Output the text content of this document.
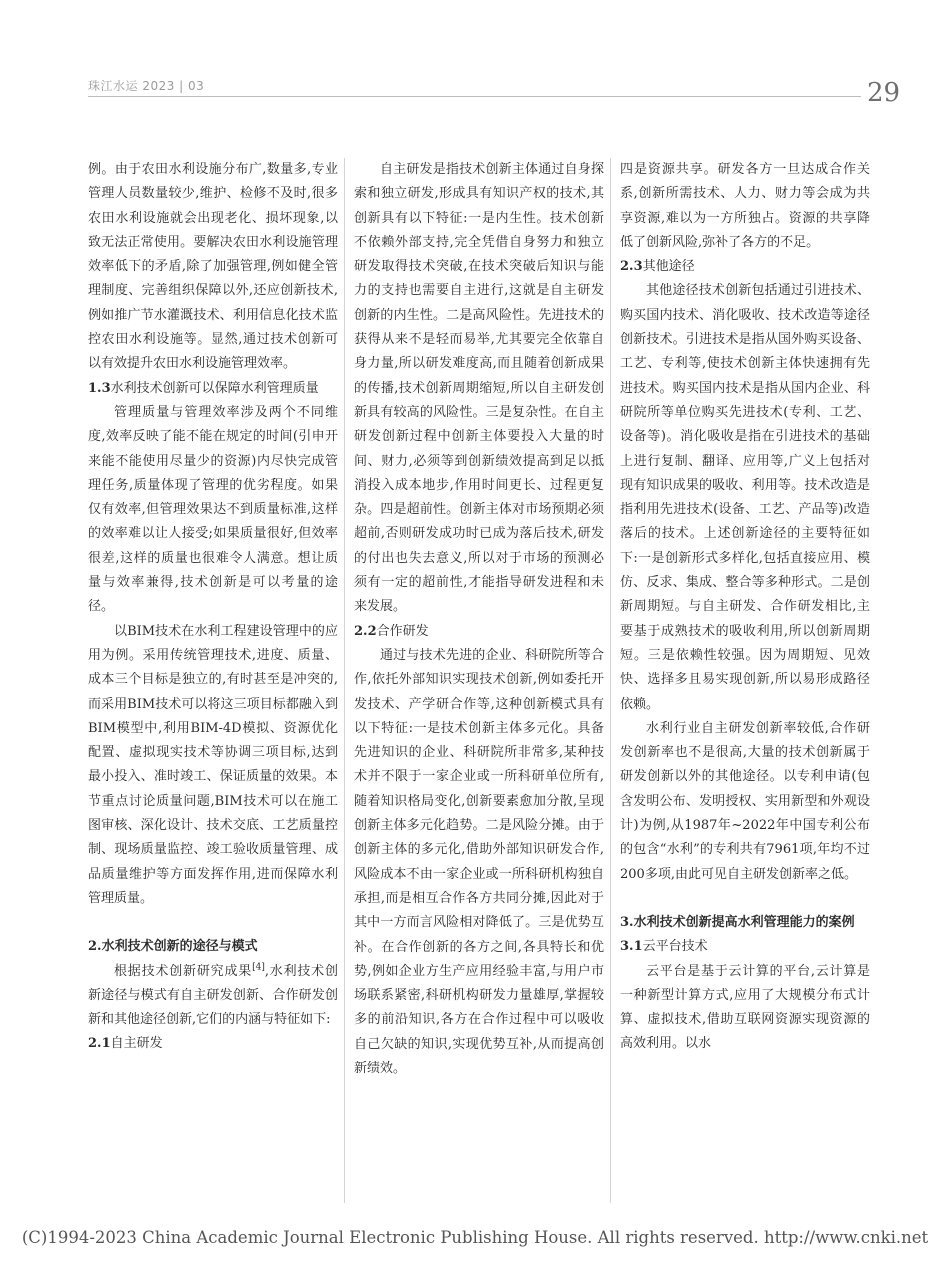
珠江水运 2023 | 03	29

例。由于农田水利设施分布广,数量多,专业管理人员数量较少,维护、检修不及时,很多农田水利设施就会出现老化、损坏现象,以致无法正常使用。要解决农田水利设施管理效率低下的矛盾,除了加强管理,例如健全管理制度、完善组织保障以外,还应创新技术,例如推广节水灌溉技术、利用信息化技术监控农田水利设施等。显然,通过技术创新可以有效提升农田水利设施管理效率。

1.3水利技术创新可以保障水利管理质量

管理质量与管理效率涉及两个不同维度,效率反映了能不能在规定的时间(引申开来能不能使用尽量少的资源)内尽快完成管理任务,质量体现了管理的优劣程度。如果仅有效率,但管理效果达不到质量标准,这样的效率难以让人接受;如果质量很好,但效率很差,这样的质量也很难令人满意。想让质量与效率兼得,技术创新是可以考量的途径。

以BIM技术在水利工程建设管理中的应用为例。采用传统管理技术,进度、质量、成本三个目标是独立的,有时甚至是冲突的,而采用BIM技术可以将这三项目标都融入到BIM模型中,利用BIM-4D模拟、资源优化配置、虚拟现实技术等协调三项目标,达到最小投入、准时竣工、保证质量的效果。本节重点讨论质量问题,BIM技术可以在施工图审核、深化设计、技术交底、工艺质量控制、现场质量监控、竣工验收质量管理、成品质量维护等方面发挥作用,进而保障水利管理质量。

2.水利技术创新的途径与模式

根据技术创新研究成果[4],水利技术创新途径与模式有自主研发创新、合作研发创新和其他途径创新,它们的内涵与特征如下:

2.1自主研发

自主研发是指技术创新主体通过自身探索和独立研发,形成具有知识产权的技术,其创新具有以下特征:一是内生性。技术创新不依赖外部支持,完全凭借自身努力和独立研发取得技术突破,在技术突破后知识与能力的支持也需要自主进行,这就是自主研发创新的内生性。二是高风险性。先进技术的获得从来不是轻而易举,尤其要完全依靠自身力量,所以研发难度高,而且随着创新成果的传播,技术创新周期缩短,所以自主研发创新具有较高的风险性。三是复杂性。在自主研发创新过程中创新主体要投入大量的时间、财力,必须等到创新绩效提高到足以抵消投入成本地步,作用时间更长、过程更复杂。四是超前性。创新主体对市场预期必须超前,否则研发成功时已成为落后技术,研发的付出也失去意义,所以对于市场的预测必须有一定的超前性,才能指导研发进程和未来发展。

2.2合作研发

通过与技术先进的企业、科研院所等合作,依托外部知识实现技术创新,例如委托开发技术、产学研合作等,这种创新模式具有以下特征:一是技术创新主体多元化。具备先进知识的企业、科研院所非常多,某种技术并不限于一家企业或一所科研单位所有,随着知识格局变化,创新要素愈加分散,呈现创新主体多元化趋势。二是风险分摊。由于创新主体的多元化,借助外部知识研发合作,风险成本不由一家企业或一所科研机构独自承担,而是相互合作各方共同分摊,因此对于其中一方而言风险相对降低了。三是优势互补。在合作创新的各方之间,各具特长和优势,例如企业方生产应用经验丰富,与用户市场联系紧密,科研机构研发力量雄厚,掌握较多的前沿知识,各方在合作过程中可以吸收自己欠缺的知识,实现优势互补,从而提高创新绩效。

四是资源共享。研发各方一旦达成合作关系,创新所需技术、人力、财力等会成为共享资源,难以为一方所独占。资源的共享降低了创新风险,弥补了各方的不足。

2.3其他途径

其他途径技术创新包括通过引进技术、购买国内技术、消化吸收、技术改造等途径创新技术。引进技术是指从国外购买设备、工艺、专利等,使技术创新主体快速拥有先进技术。购买国内技术是指从国内企业、科研院所等单位购买先进技术(专利、工艺、设备等)。消化吸收是指在引进技术的基础上进行复制、翻译、应用等,广义上包括对现有知识成果的吸收、利用等。技术改造是指利用先进技术(设备、工艺、产品等)改造落后的技术。上述创新途径的主要特征如下:一是创新形式多样化,包括直接应用、模仿、反求、集成、整合等多种形式。二是创新周期短。与自主研发、合作研发相比,主要基于成熟技术的吸收利用,所以创新周期短。三是依赖性较强。因为周期短、见效快、选择多且易实现创新,所以易形成路径依赖。

水利行业自主研发创新率较低,合作研发创新率也不是很高,大量的技术创新属于研发创新以外的其他途径。以专利申请(包含发明公布、发明授权、实用新型和外观设计)为例,从1987年~2022年中国专利公布的包含“水利”的专利共有7961项,年均不过200多项,由此可见自主研发创新率之低。

3.水利技术创新提高水利管理能力的案例

3.1云平台技术

云平台是基于云计算的平台,云计算是一种新型计算方式,应用了大规模分布式计算、虚拟技术,借助互联网资源实现资源的高效利用。以水

(C)1994-2023 China Academic Journal Electronic Publishing House. All rights reserved. http://www.cnki.net
